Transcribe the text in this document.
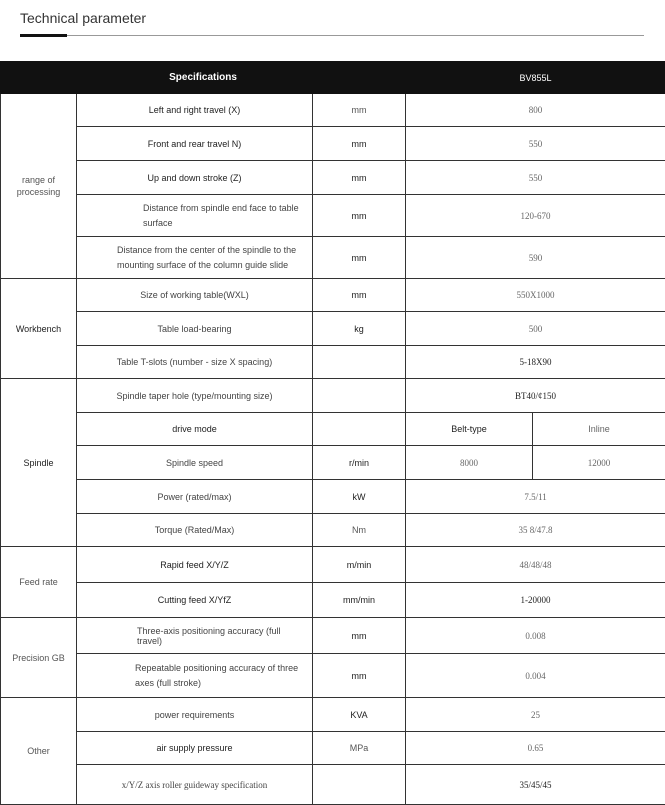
Technical parameter
Specifications			BV855L	
range of processing	Left and right travel (X)	mm	800	
	Front and rear travel N)	mm	550	
	Up and down stroke (Z)	mm	550	
	Distance from spindle end face to table surface	mm	120-670	
	Distance from the center of the spindle to the mounting surface of the column guide slide	mm	590	
Workbench	Size of working table(WXL)	mm	550X1000	
	Table load-bearing	kg	500	
	Table T-slots (number - size X spacing)		5-18X90	
Spindle	Spindle taper hole (type/mounting size)		BT40/¢150	
	drive mode		Belt-type	Inline
	Spindle speed	r/min	8000	12000
	Power (rated/max)	kW	7.5/11	
	Torque (Rated/Max)	Nm	35 8/47.8	
Feed rate	Rapid feed X/Y/Z	m/min	48/48/48	
	Cutting feed X/YfZ	mm/min	1-20000	
Precision GB	Three-axis positioning accuracy (full travel)	mm	0.008	
	Repeatable positioning accuracy of three axes (full stroke)	mm	0.004	
Other	power requirements	KVA	25	
	air supply pressure	MPa	0.65	
	x/Y/Z axis roller guideway specification		35/45/45	
